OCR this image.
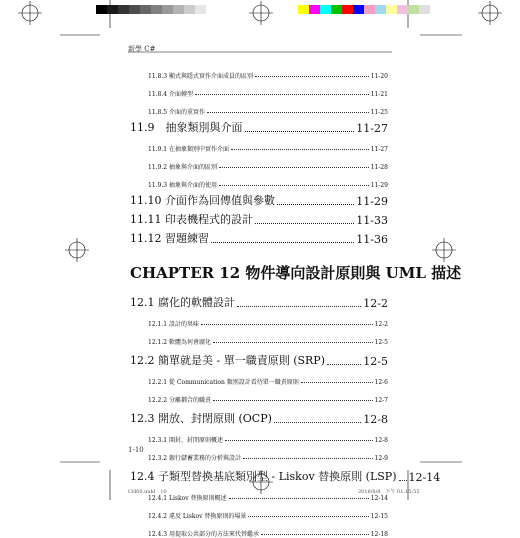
新學 C#
11.8.3 顯式與隱式實作介面成員的區別	11-20
11.8.4 介面轉型	11-21
11.8.5 介面的重實作	11-25
11.9　抽象類別與介面	11-27
11.9.1 在抽象類別中實作介面	11-27
11.9.2 抽象與介面的區別	11-28
11.9.3 抽象與介面的使用	11-29
11.10 介面作為回傳值與參數	11-29
11.11 印表機程式的設計	11-33
11.12 習題練習	11-36
CHAPTER 12 物件導向設計原則與 UML 描述
12.1 腐化的軟體設計	12-2
12.1.1 設計的臭味	12-2
12.1.2 軟體為何會腐化	12-5
12.2 簡單就是美 - 單一職責原則 (SRP)	12-5
12.2.1 從 Communication 類別設計看待單一職責原則	12-6
12.2.2 分離耦合的職責	12-7
12.3 開放、封閉原則 (OCP)	12-8
12.3.1 開封、封閉原則概述	12-8
12.3.2 銀行儲蓄業務的分析與設計	12-9
12.4 子類型替換基底類別型 - Liskov 替換原則 (LSP) 12-14
12.4.1 Liskov 替換原則概述	12-14
12.4.2 違反 Liskov 替換原則的場景	12-15
12.4.3 用提取公共部分的方法來代替繼承	12-18
1-10
CH00.indd　10	2018/8/8　下午 01:15:55
